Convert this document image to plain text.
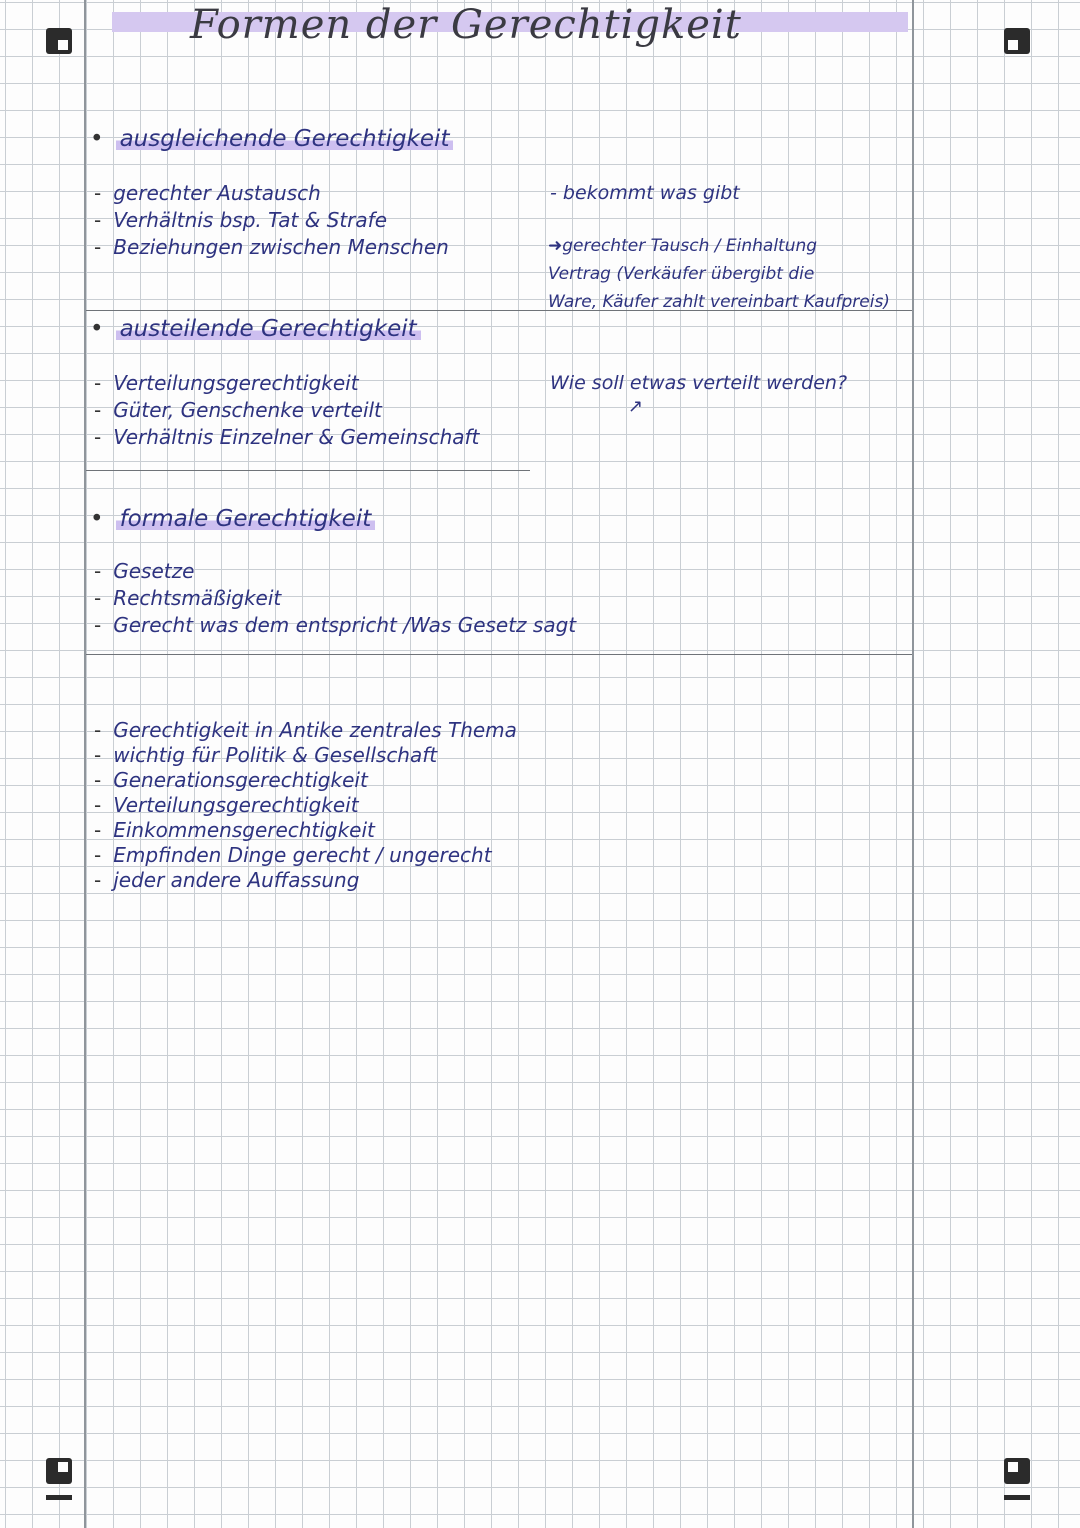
Formen der Gerechtigkeit
• ausgleichende Gerechtigkeit
- gerechter Austausch
- Verhältnis bsp. Tat & Strafe
- Beziehungen zwischen Menschen

- bekommt was gibt

➜gerechter Tausch / Einhaltung

Vertrag (Verkäufer übergibt die

Ware, Käufer zahlt vereinbart Kaufpreis)

• austeilende Gerechtigkeit
- Verteilungsgerechtigkeit
- Güter, Genschenke verteilt
- Verhältnis Einzelner & Gemeinschaft

Wie soll etwas verteilt werden?

↗
• formale Gerechtigkeit
- Gesetze
- Rechtsmäßigkeit
- Gerecht was dem entspricht /Was Gesetz sagt
- Gerechtigkeit in Antike zentrales Thema
- wichtig für Politik & Gesellschaft
- Generationsgerechtigkeit
- Verteilungsgerechtigkeit
- Einkommensgerechtigkeit
- Empfinden Dinge gerecht / ungerecht
- jeder andere Auffassung
